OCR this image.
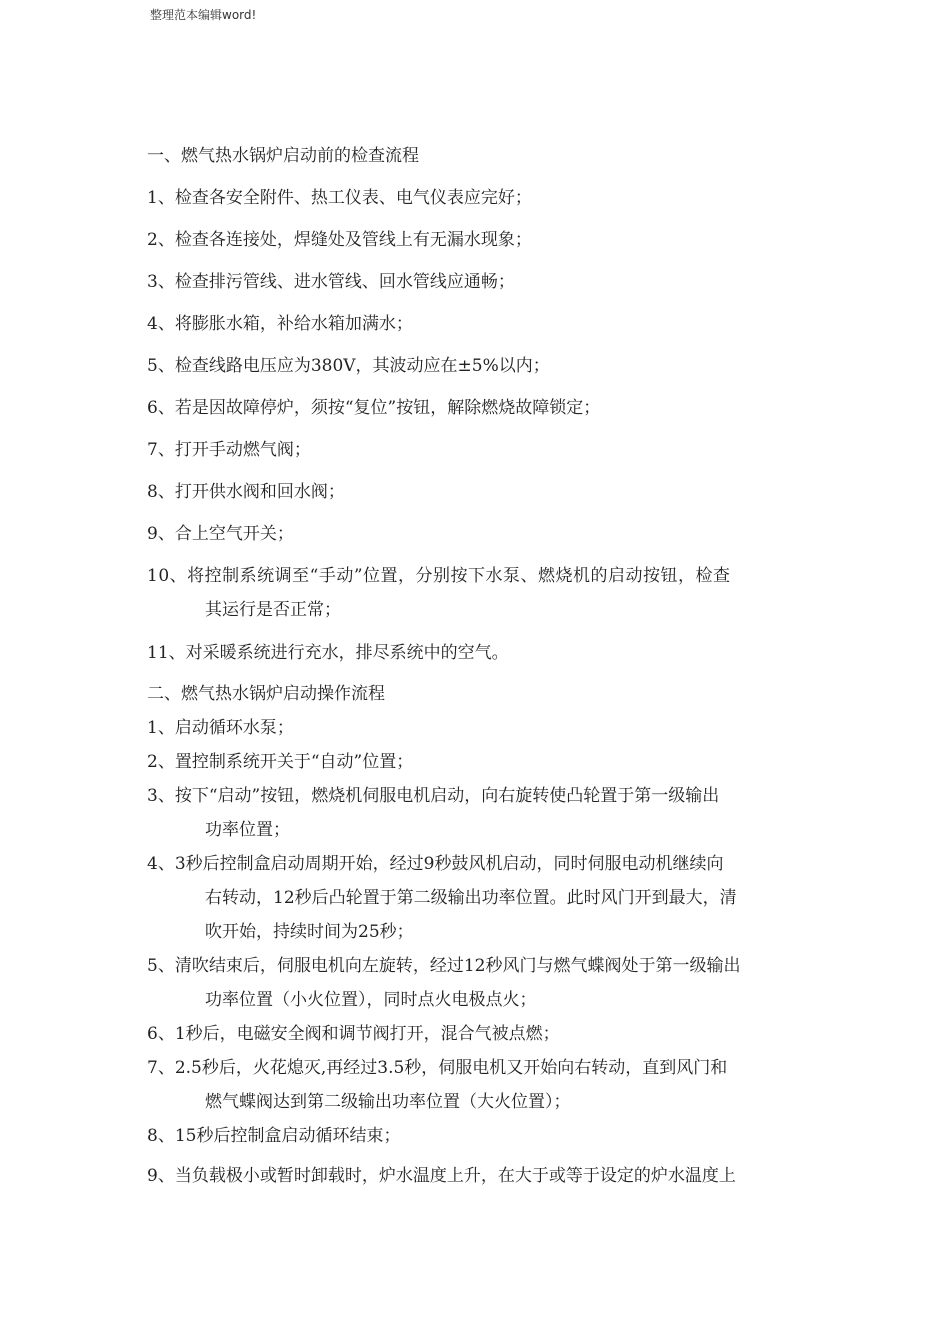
整理范本编辑word!
一、燃气热水锅炉启动前的检查流程
1、检查各安全附件、热工仪表、电气仪表应完好；
2、检查各连接处，焊缝处及管线上有无漏水现象；
3、检查排污管线、进水管线、回水管线应通畅；
4、将膨胀水箱，补给水箱加满水；
5、检查线路电压应为380V，其波动应在±5%以内；
6、若是因故障停炉，须按“复位”按钮，解除燃烧故障锁定；
7、打开手动燃气阀；
8、打开供水阀和回水阀；
9、合上空气开关；
10、将控制系统调至“手动”位置，分别按下水泵、燃烧机的启动按钮，检查
其运行是否正常；
11、对采暖系统进行充水，排尽系统中的空气。
二、燃气热水锅炉启动操作流程
1、启动循环水泵；
2、置控制系统开关于“自动”位置；
3、按下“启动”按钮，燃烧机伺服电机启动，向右旋转使凸轮置于第一级输出
功率位置；
4、3秒后控制盒启动周期开始，经过9秒鼓风机启动，同时伺服电动机继续向
右转动，12秒后凸轮置于第二级输出功率位置。此时风门开到最大，清
吹开始，持续时间为25秒；
5、清吹结束后，伺服电机向左旋转，经过12秒风门与燃气蝶阀处于第一级输出
功率位置（小火位置），同时点火电极点火；
6、1秒后，电磁安全阀和调节阀打开，混合气被点燃；
7、2.5秒后，火花熄灭,再经过3.5秒，伺服电机又开始向右转动，直到风门和
燃气蝶阀达到第二级输出功率位置（大火位置）；
8、15秒后控制盒启动循环结束；
9、当负载极小或暂时卸载时，炉水温度上升，在大于或等于设定的炉水温度上
